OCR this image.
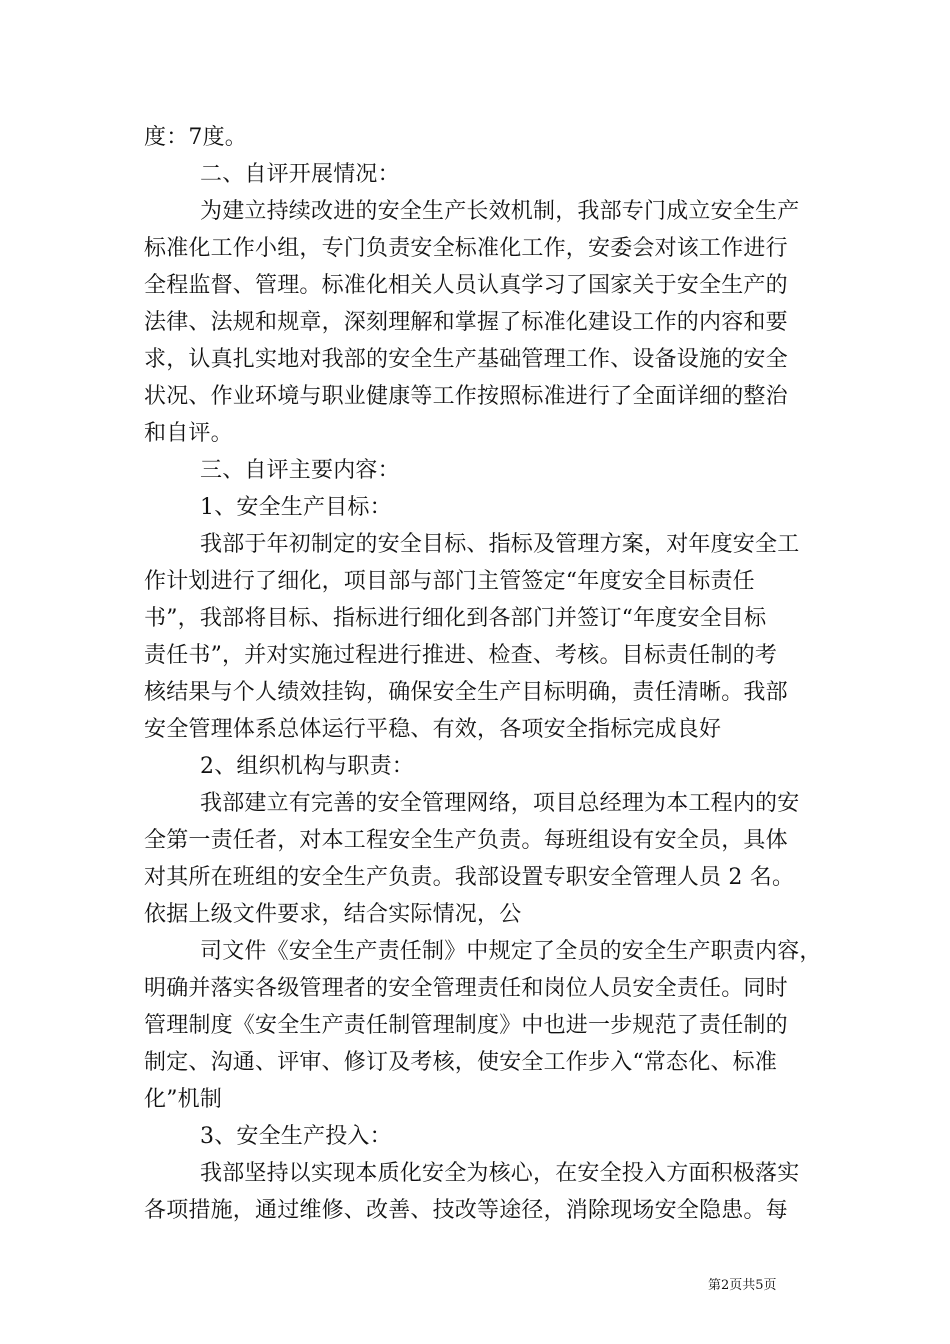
度：7度。
二、自评开展情况：
为建立持续改进的安全生产长效机制，我部专门成立安全生产
标准化工作小组，专门负责安全标准化工作，安委会对该工作进行
全程监督、管理。标准化相关人员认真学习了国家关于安全生产的
法律、法规和规章，深刻理解和掌握了标准化建设工作的内容和要
求，认真扎实地对我部的安全生产基础管理工作、设备设施的安全
状况、作业环境与职业健康等工作按照标准进行了全面详细的整治
和自评。
三、自评主要内容：
1、安全生产目标：
我部于年初制定的安全目标、指标及管理方案，对年度安全工
作计划进行了细化，项目部与部门主管签定“年度安全目标责任
书”，我部将目标、指标进行细化到各部门并签订“年度安全目标
责任书”，并对实施过程进行推进、检查、考核。目标责任制的考
核结果与个人绩效挂钩，确保安全生产目标明确，责任清晰。我部
安全管理体系总体运行平稳、有效，各项安全指标完成良好
2、组织机构与职责：
我部建立有完善的安全管理网络，项目总经理为本工程内的安
全第一责任者，对本工程安全生产负责。每班组设有安全员，具体
对其所在班组的安全生产负责。我部设置专职安全管理人员 2 名。
依据上级文件要求，结合实际情况，公
司文件《安全生产责任制》中规定了全员的安全生产职责内容，
明确并落实各级管理者的安全管理责任和岗位人员安全责任。同时
管理制度《安全生产责任制管理制度》中也进一步规范了责任制的
制定、沟通、评审、修订及考核，使安全工作步入“常态化、标准
化”机制
3、安全生产投入：
我部坚持以实现本质化安全为核心，在安全投入方面积极落实
各项措施，通过维修、改善、技改等途径，消除现场安全隐患。每
第2页共5页
